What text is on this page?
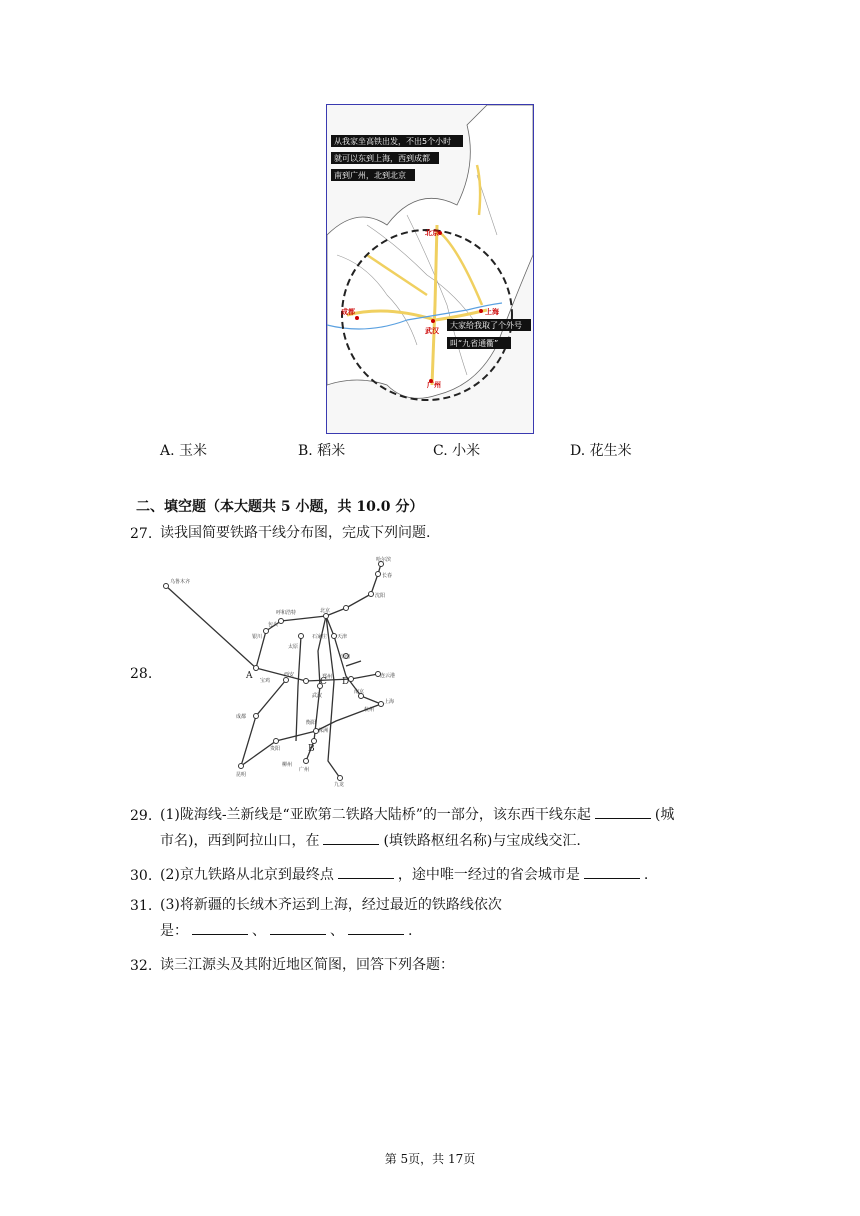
北京
上海
成都
武汉
广州
从我家坐高铁出发，不出5个小时
就可以东到上海，西到成都
南到广州，北到北京
大家给我取了个外号
叫“九省通衢”
A. 玉米	B. 稻米	C. 小米	D. 花生米
二、填空题（本大题共 5 小题，共 10.0 分）
27. 读我国简要铁路干线分布图，完成下列问题.
28.
乌鲁木齐
哈尔滨
长春
沈阳
呼和浩特
包头
北京
天津
银川
太原
石家庄
济南
连云港
宝鸡
西安
南京
上海
杭州
成都
武汉
株洲
贵阳
昆明
柳州
广州
九龙
衡阳
郑州
A
B
C D
29. (1)陇海线-兰新线是“亚欧第二铁路大陆桥”的一部分，该东西干线东起	(城
市名)，西到阿拉山口，在	(填铁路枢纽名称)与宝成线交汇.
30. (2)京九铁路从北京到最终点	，途中唯一经过的省会城市是	.
31. (3)将新疆的长绒木齐运到上海，经过最近的铁路线依次
是：	、	、	.
32. 读三江源头及其附近地区简图，回答下列各题：
第 5页，共 17页
